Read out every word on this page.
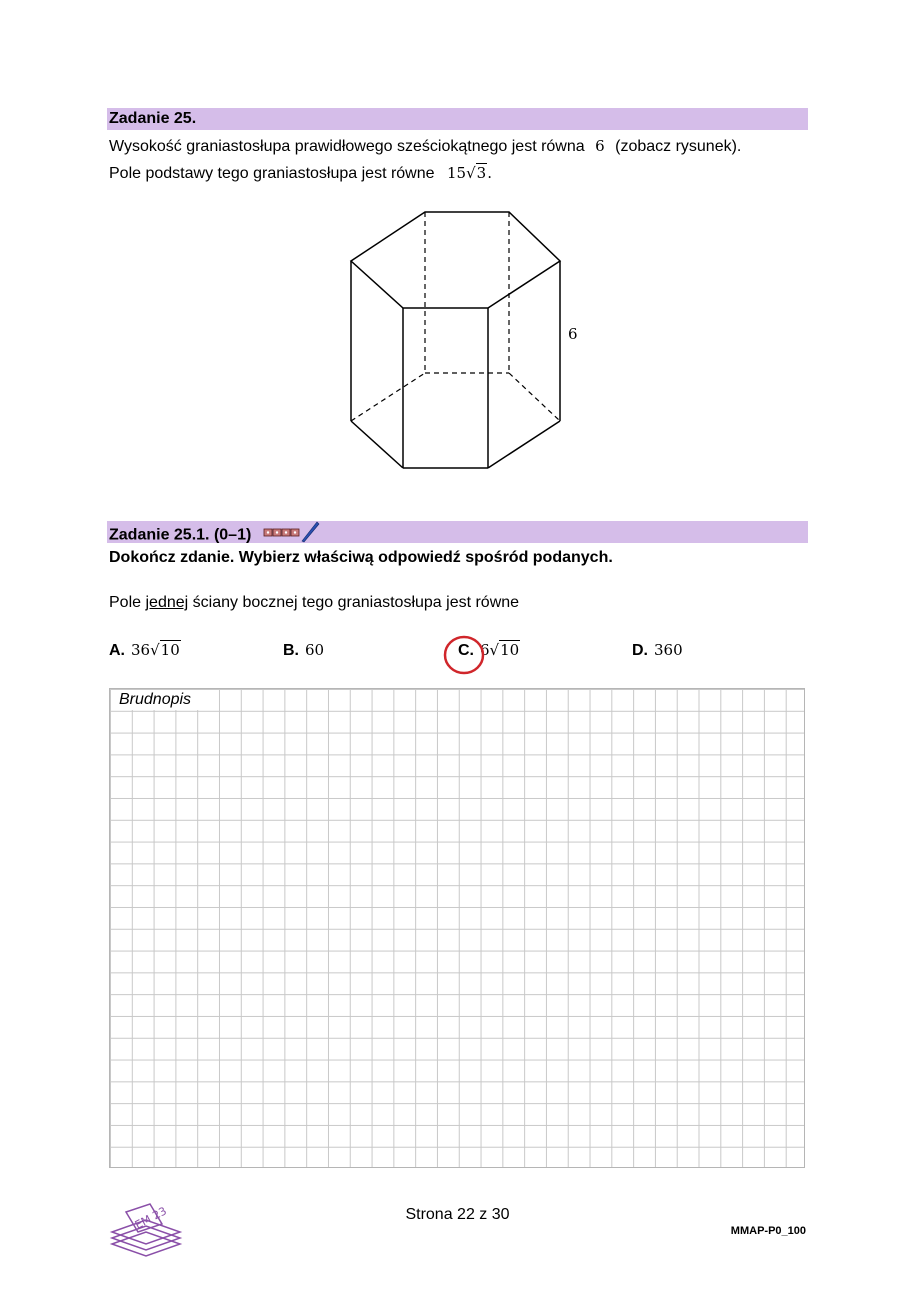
Zadanie 25.
Wysokość graniastosłupa prawidłowego sześciokątnego jest równa 6 (zobacz rysunek).
Pole podstawy tego graniastosłupa jest równe 15√3.
6
Zadanie 25.1. (0–1)
Dokończ zdanie. Wybierz właściwą odpowiedź spośród podanych.
Pole jednej ściany bocznej tego graniastosłupa jest równe
A. 36√10	B. 60	C. 6√10	D. 360
Brudnopis
EM 23	Strona 22 z 30
MMAP-P0_100
